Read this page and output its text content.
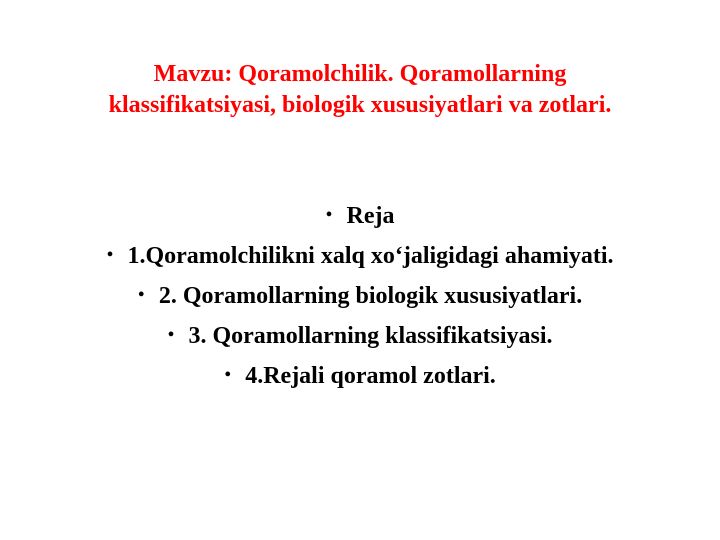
Mavzu: Qoramolchilik. Qoramollarning
klassifikatsiyasi, biologik xususiyatlari va zotlari.
• Reja
• 1.Qoramolchilikni xalq xo‘jaligidagi ahamiyati.
• 2. Qoramollarning biologik xususiyatlari.
• 3. Qoramollarning klassifikatsiyasi.
• 4.Rejali qoramol zotlari.
